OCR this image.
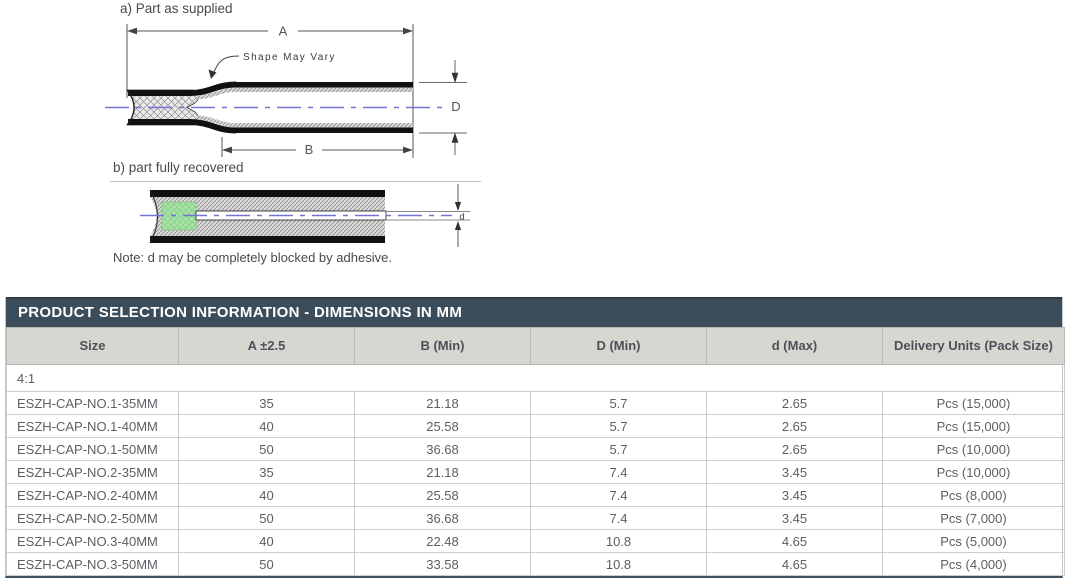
a) Part as supplied
A
Shape May Vary
D
B
b) part fully recovered
d
Note: d may be completely blocked by adhesive.
PRODUCT SELECTION INFORMATION - DIMENSIONS IN MM
Size	A ±2.5	B (Min)	D (Min)	d (Max)	Delivery Units (Pack Size)
4:1					
ESZH-CAP-NO.1-35MM	35	21.18	5.7	2.65	Pcs (15,000)
ESZH-CAP-NO.1-40MM	40	25.58	5.7	2.65	Pcs (15,000)
ESZH-CAP-NO.1-50MM	50	36.68	5.7	2.65	Pcs (10,000)
ESZH-CAP-NO.2-35MM	35	21.18	7.4	3.45	Pcs (10,000)
ESZH-CAP-NO.2-40MM	40	25.58	7.4	3.45	Pcs (8,000)
ESZH-CAP-NO.2-50MM	50	36.68	7.4	3.45	Pcs (7,000)
ESZH-CAP-NO.3-40MM	40	22.48	10.8	4.65	Pcs (5,000)
ESZH-CAP-NO.3-50MM	50	33.58	10.8	4.65	Pcs (4,000)
